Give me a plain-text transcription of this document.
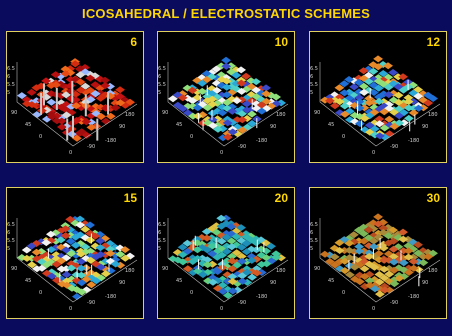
ICOSAHEDRAL / ELECTROSTATIC SCHEMES
6.5
6
5.5
5
90
45
0
0
-90
-180
90
180
6
6.5
6
5.5
5
90
45
0
0
-90
-180
90
180
10
6.5
6
5.5
5
90
45
0
0
-90
-180
90
180
12
6.5
6
5.5
5
90
45
0
0
-90
-180
90
180
15
6.5
6
5.5
5
90
45
0
0
-90
-180
90
180
20
6.5
6
5.5
5
90
45
0
0
-90
-180
90
180
30
